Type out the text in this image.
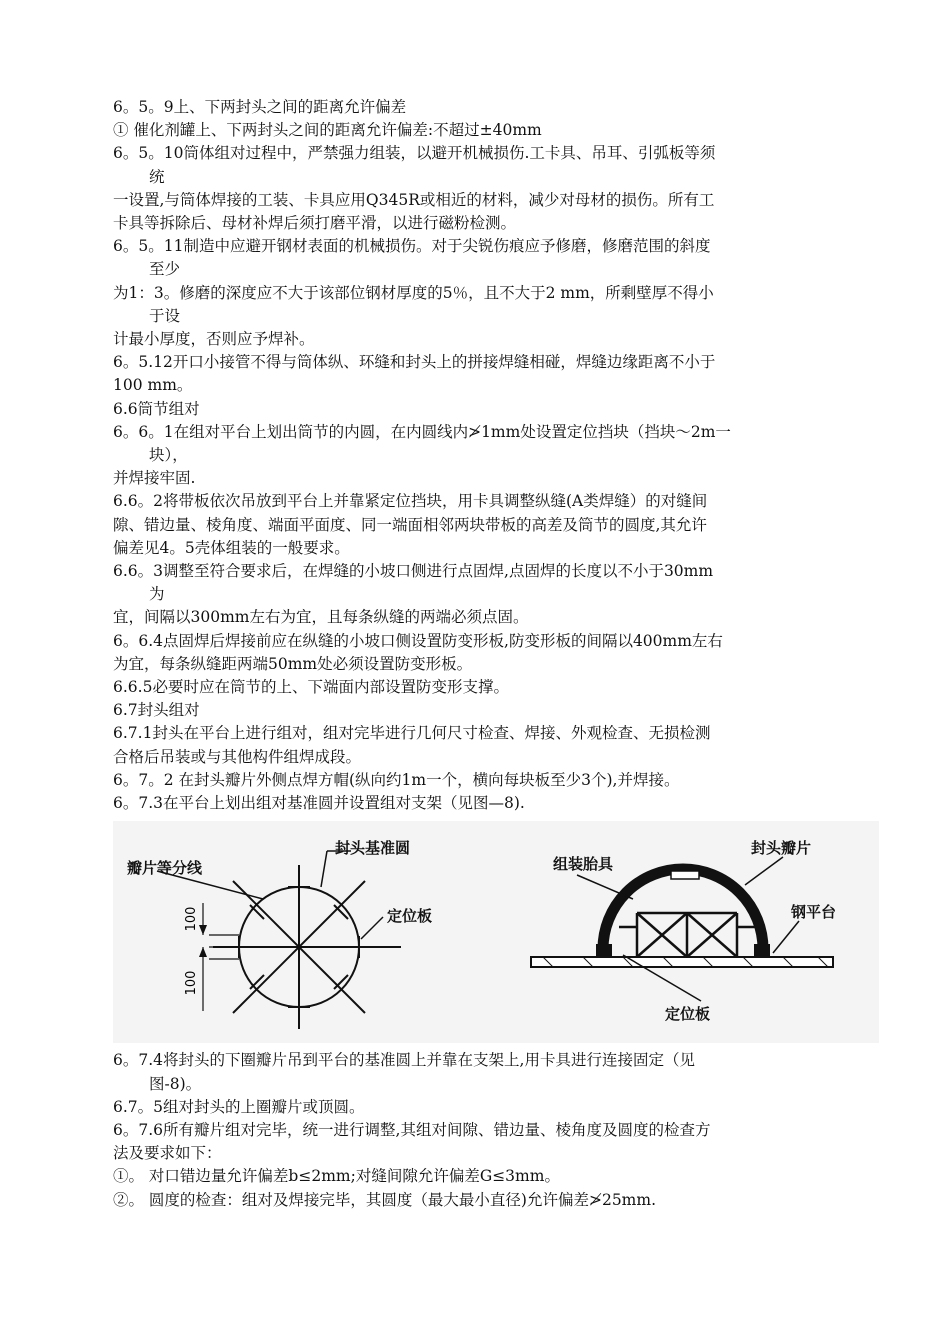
6。5。9上、下两封头之间的距离允许偏差

① 催化剂罐上、下两封头之间的距离允许偏差:不超过±40mm

6。5。10筒体组对过程中，严禁强力组装，以避开机械损伤.工卡具、吊耳、引弧板等须

统

一设置,与筒体焊接的工装、卡具应用Q345R或相近的材料，减少对母材的损伤。所有工

卡具等拆除后、母材补焊后须打磨平滑，以进行磁粉检测。

6。5。11制造中应避开钢材表面的机械损伤。对于尖锐伤痕应予修磨，修磨范围的斜度

至少

为1：3。修磨的深度应不大于该部位钢材厚度的5％，且不大于2 mm，所剩壁厚不得小

于设

计最小厚度，否则应予焊补。

6。5.12开口小接管不得与筒体纵、环缝和封头上的拼接焊缝相碰，焊缝边缘距离不小于

100 mm。

6.6筒节组对

6。6。1在组对平台上划出筒节的内圆，在内圆线内≯1mm处设置定位挡块（挡块～2m一

块），

并焊接牢固.

6.6。2将带板依次吊放到平台上并靠紧定位挡块，用卡具调整纵缝(A类焊缝）的对缝间

隙、错边量、棱角度、端面平面度、同一端面相邻两块带板的高差及筒节的圆度,其允许

偏差见4。5壳体组装的一般要求。

6.6。3调整至符合要求后，在焊缝的小坡口侧进行点固焊,点固焊的长度以不小于30mm

为

宜，间隔以300mm左右为宜，且每条纵缝的两端必须点固。

6。6.4点固焊后焊接前应在纵缝的小坡口侧设置防变形板,防变形板的间隔以400mm左右

为宜，每条纵缝距两端50mm处必须设置防变形板。

6.6.5必要时应在筒节的上、下端面内部设置防变形支撑。

6.7封头组对

6.7.1封头在平台上进行组对，组对完毕进行几何尺寸检查、焊接、外观检查、无损检测

合格后吊装或与其他构件组焊成段。

6。7。2 在封头瓣片外侧点焊方帽(纵向约1m一个，横向每块板至少3个),并焊接。

6。7.3在平台上划出组对基准圆并设置组对支架（见图—8).

瓣片等分线
封头基准圆
定位板
100
100
组装胎具
封头瓣片
钢平台
定位板

6。7.4将封头的下圈瓣片吊到平台的基准圆上并靠在支架上,用卡具进行连接固定（见

图-8)。

6.7。5组对封头的上圈瓣片或顶圆。

6。7.6所有瓣片组对完毕，统一进行调整,其组对间隙、错边量、棱角度及圆度的检查方

法及要求如下：

①。 对口错边量允许偏差b≤2mm;对缝间隙允许偏差G≤3mm。

②。 圆度的检查：组对及焊接完毕，其圆度（最大最小直径)允许偏差≯25mm.
